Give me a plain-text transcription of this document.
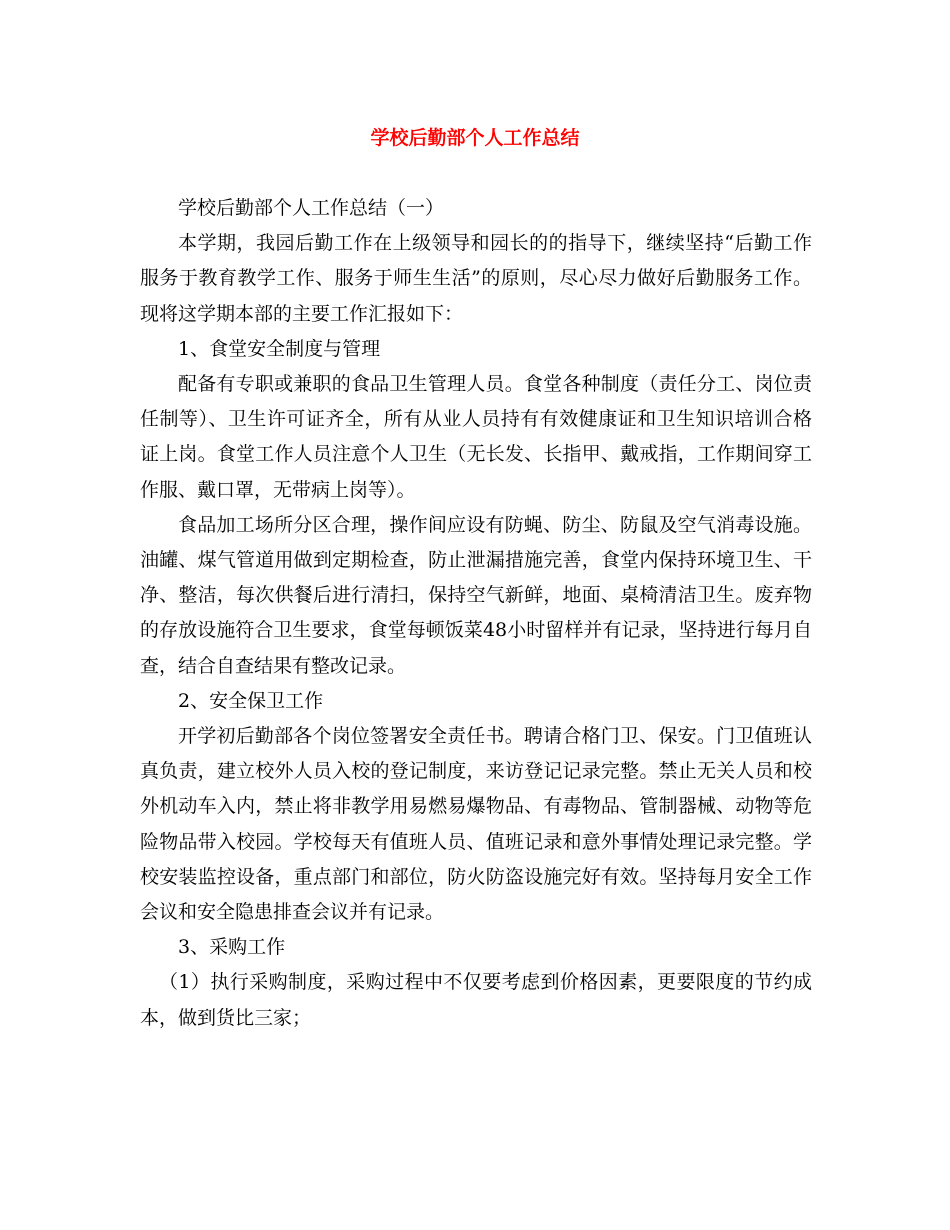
学校后勤部个人工作总结

学校后勤部个人工作总结（一）

本学期，我园后勤工作在上级领导和园长的的指导下，继续坚持“后勤工作服务于教育教学工作、服务于师生生活”的原则，尽心尽力做好后勤服务工作。现将这学期本部的主要工作汇报如下：

1、食堂安全制度与管理

配备有专职或兼职的食品卫生管理人员。食堂各种制度（责任分工、岗位责任制等）、卫生许可证齐全，所有从业人员持有有效健康证和卫生知识培训合格证上岗。食堂工作人员注意个人卫生（无长发、长指甲、戴戒指，工作期间穿工作服、戴口罩，无带病上岗等）。

食品加工场所分区合理，操作间应设有防蝇、防尘、防鼠及空气消毒设施。油罐、煤气管道用做到定期检查，防止泄漏措施完善，食堂内保持环境卫生、干净、整洁，每次供餐后进行清扫，保持空气新鲜，地面、桌椅清洁卫生。废弃物的存放设施符合卫生要求，食堂每顿饭菜48小时留样并有记录，坚持进行每月自查，结合自查结果有整改记录。

2、安全保卫工作

开学初后勤部各个岗位签署安全责任书。聘请合格门卫、保安。门卫值班认真负责，建立校外人员入校的登记制度，来访登记记录完整。禁止无关人员和校外机动车入内，禁止将非教学用易燃易爆物品、有毒物品、管制器械、动物等危险物品带入校园。学校每天有值班人员、值班记录和意外事情处理记录完整。学校安装监控设备，重点部门和部位，防火防盗设施完好有效。坚持每月安全工作会议和安全隐患排查会议并有记录。

3、采购工作

（1）执行采购制度，采购过程中不仅要考虑到价格因素，更要限度的节约成本，做到货比三家；
